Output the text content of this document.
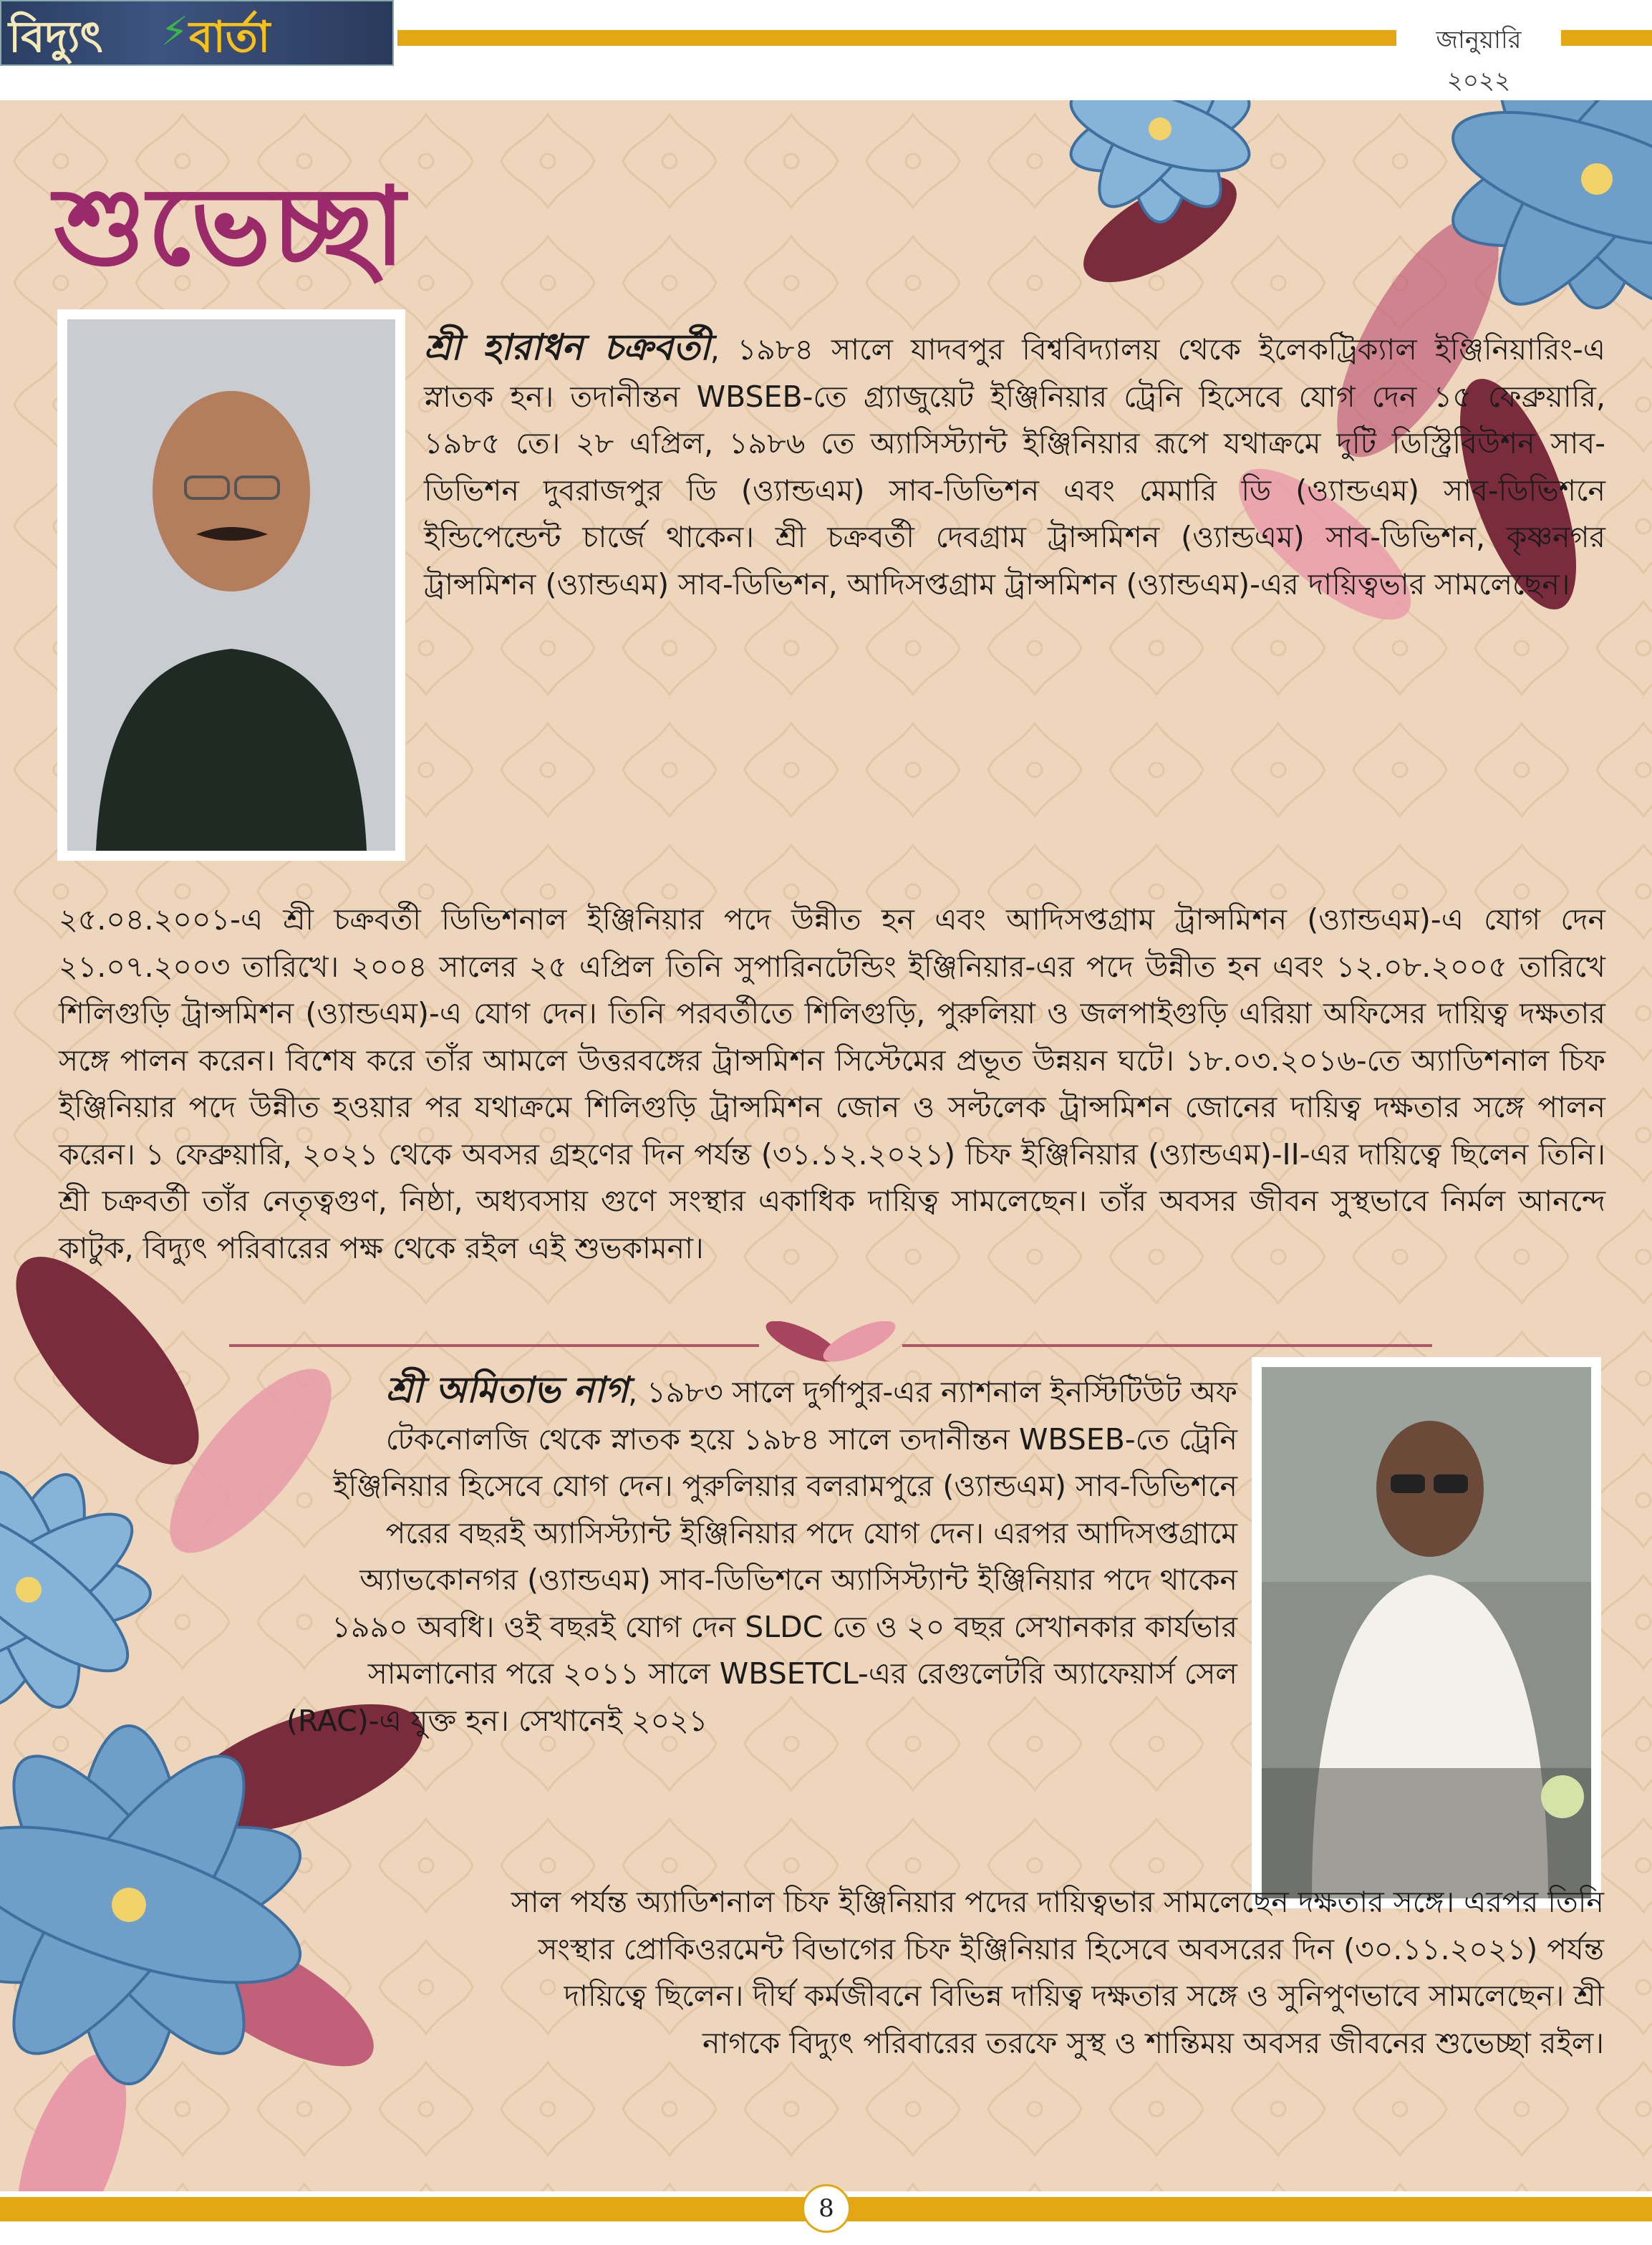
বিদ্যুৎ ⚡ বার্তা	জানুয়ারি ২০২২
শুভেচ্ছা
শ্রী হারাধন চক্রবর্তী, ১৯৮৪ সালে যাদবপুর বিশ্ববিদ্যালয় থেকে ইলেকট্রিক্যাল ইঞ্জিনিয়ারিং-এ স্নাতক হন। তদানীন্তন WBSEB-তে গ্র্যাজুয়েট ইঞ্জিনিয়ার ট্রেনি হিসেবে যোগ দেন ১৫ ফেব্রুয়ারি, ১৯৮৫ তে। ২৮ এপ্রিল, ১৯৮৬ তে অ্যাসিস্ট্যান্ট ইঞ্জিনিয়ার রূপে যথাক্রমে দুটি ডিস্ট্রিবিউশন সাব-ডিভিশন দুবরাজপুর ডি (ও্যান্ডএম) সাব-ডিভিশন এবং মেমারি ডি (ও্যান্ডএম) সাব-ডিভিশনে ইন্ডিপেন্ডেন্ট চার্জে থাকেন। শ্রী চক্রবর্তী দেবগ্রাম ট্রান্সমিশন (ও্যান্ডএম) সাব-ডিভিশন, কৃষ্ণনগর ট্রান্সমিশন (ও্যান্ডএম) সাব-ডিভিশন, আদিসপ্তগ্রাম ট্রান্সমিশন (ও্যান্ডএম)-এর দায়িত্বভার সামলেছেন।
২৫.০৪.২০০১-এ শ্রী চক্রবর্তী ডিভিশনাল ইঞ্জিনিয়ার পদে উন্নীত হন এবং আদিসপ্তগ্রাম ট্রান্সমিশন (ও্যান্ডএম)-এ যোগ দেন ২১.০৭.২০০৩ তারিখে। ২০০৪ সালের ২৫ এপ্রিল তিনি সুপারিনটেন্ডিং ইঞ্জিনিয়ার-এর পদে উন্নীত হন এবং ১২.০৮.২০০৫ তারিখে শিলিগুড়ি ট্রান্সমিশন (ও্যান্ডএম)-এ যোগ দেন। তিনি পরবর্তীতে শিলিগুড়ি, পুরুলিয়া ও জলপাইগুড়ি এরিয়া অফিসের দায়িত্ব দক্ষতার সঙ্গে পালন করেন। বিশেষ করে তাঁর আমলে উত্তরবঙ্গের ট্রান্সমিশন সিস্টেমের প্রভূত উন্নয়ন ঘটে। ১৮.০৩.২০১৬-তে অ্যাডিশনাল চিফ ইঞ্জিনিয়ার পদে উন্নীত হওয়ার পর যথাক্রমে শিলিগুড়ি ট্রান্সমিশন জোন ও সল্টলেক ট্রান্সমিশন জোনের দায়িত্ব দক্ষতার সঙ্গে পালন করেন। ১ ফেব্রুয়ারি, ২০২১ থেকে অবসর গ্রহণের দিন পর্যন্ত (৩১.১২.২০২১) চিফ ইঞ্জিনিয়ার (ও্যান্ডএম)-II-এর দায়িত্বে ছিলেন তিনি। শ্রী চক্রবর্তী তাঁর নেতৃত্বগুণ, নিষ্ঠা, অধ্যবসায় গুণে সংস্থার একাধিক দায়িত্ব সামলেছেন। তাঁর অবসর জীবন সুস্থভাবে নির্মল আনন্দে কাটুক, বিদ্যুৎ পরিবারের পক্ষ থেকে রইল এই শুভকামনা।
শ্রী অমিতাভ নাগ, ১৯৮৩ সালে দুর্গাপুর-এর ন্যাশনাল ইনস্টিটিউট অফ টেকনোলজি থেকে স্নাতক হয়ে ১৯৮৪ সালে তদানীন্তন WBSEB-তে ট্রেনি ইঞ্জিনিয়ার হিসেবে যোগ দেন। পুরুলিয়ার বলরামপুরে (ও্যান্ডএম) সাব-ডিভিশনে পরের বছরই অ্যাসিস্ট্যান্ট ইঞ্জিনিয়ার পদে যোগ দেন। এরপর আদিসপ্তগ্রামে অ্যাভকোনগর (ও্যান্ডএম) সাব-ডিভিশনে অ্যাসিস্ট্যান্ট ইঞ্জিনিয়ার পদে থাকেন ১৯৯০ অবধি। ওই বছরই যোগ দেন SLDC তে ও ২০ বছর সেখানকার কার্যভার সামলানোর পরে ২০১১ সালে WBSETCL-এর রেগুলেটরি অ্যাফেয়ার্স সেল (RAC)-এ যুক্ত হন। সেখানেই ২০২১
সাল পর্যন্ত অ্যাডিশনাল চিফ ইঞ্জিনিয়ার পদের দায়িত্বভার সামলেছেন দক্ষতার সঙ্গে। এরপর তিনি সংস্থার প্রোকিওরমেন্ট বিভাগের চিফ ইঞ্জিনিয়ার হিসেবে অবসরের দিন (৩০.১১.২০২১) পর্যন্ত দায়িত্বে ছিলেন। দীর্ঘ কর্মজীবনে বিভিন্ন দায়িত্ব দক্ষতার সঙ্গে ও সুনিপুণভাবে সামলেছেন। শ্রী নাগকে বিদ্যুৎ পরিবারের তরফে সুস্থ ও শান্তিময় অবসর জীবনের শুভেচ্ছা রইল।
8
